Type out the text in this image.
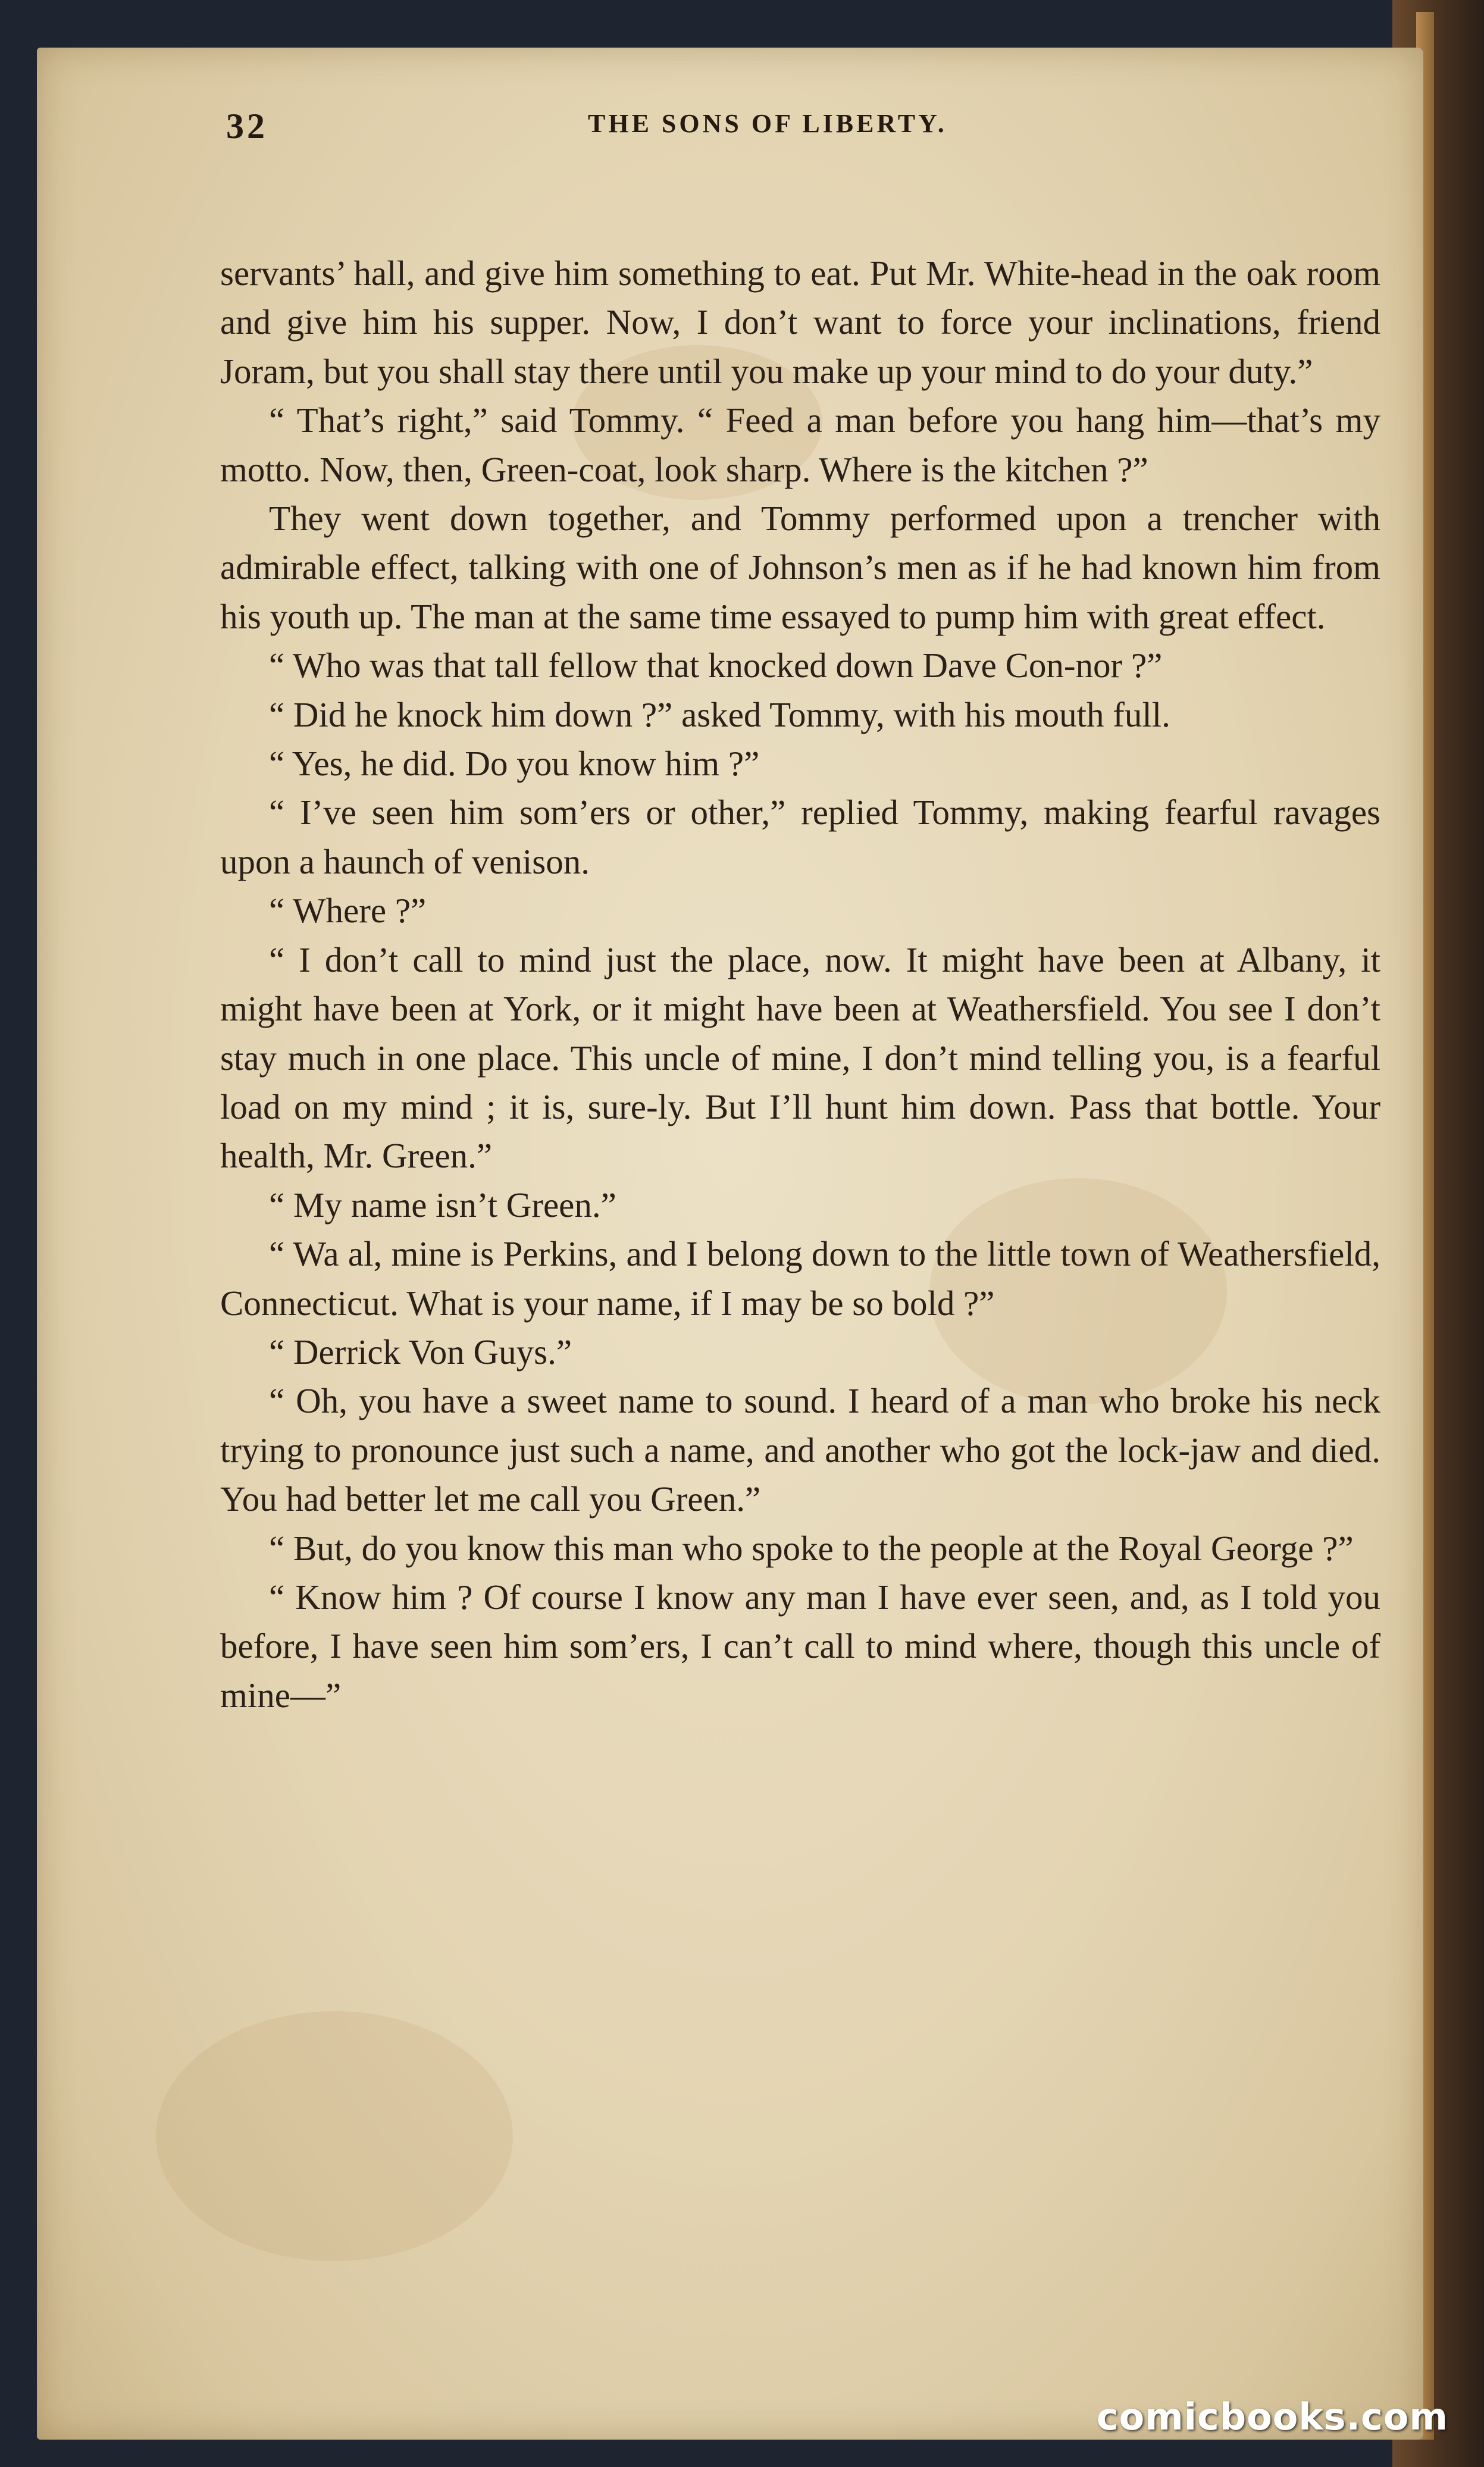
32	THE SONS OF LIBERTY.

servants’ hall, and give him something to eat. Put Mr. White-head in the oak room and give him his supper. Now, I don’t want to force your inclinations, friend Joram, but you shall stay there until you make up your mind to do your duty.”

“ That’s right,” said Tommy. “ Feed a man before you hang him—that’s my motto. Now, then, Green-coat, look sharp. Where is the kitchen ?”

They went down together, and Tommy performed upon a trencher with admirable effect, talking with one of Johnson’s men as if he had known him from his youth up. The man at the same time essayed to pump him with great effect.

“ Who was that tall fellow that knocked down Dave Con-nor ?”

“ Did he knock him down ?” asked Tommy, with his mouth full.

“ Yes, he did. Do you know him ?”

“ I’ve seen him som’ers or other,” replied Tommy, making fearful ravages upon a haunch of venison.

“ Where ?”

“ I don’t call to mind just the place, now. It might have been at Albany, it might have been at York, or it might have been at Weathersfield. You see I don’t stay much in one place. This uncle of mine, I don’t mind telling you, is a fearful load on my mind ; it is, sure-ly. But I’ll hunt him down. Pass that bottle. Your health, Mr. Green.”

“ My name isn’t Green.”

“ Wa al, mine is Perkins, and I belong down to the little town of Weathersfield, Connecticut. What is your name, if I may be so bold ?”

“ Derrick Von Guys.”

“ Oh, you have a sweet name to sound. I heard of a man who broke his neck trying to pronounce just such a name, and another who got the lock-jaw and died. You had better let me call you Green.”

“ But, do you know this man who spoke to the people at the Royal George ?”

“ Know him ? Of course I know any man I have ever seen, and, as I told you before, I have seen him som’ers, I can’t call to mind where, though this uncle of mine—”

comicbooks.com
